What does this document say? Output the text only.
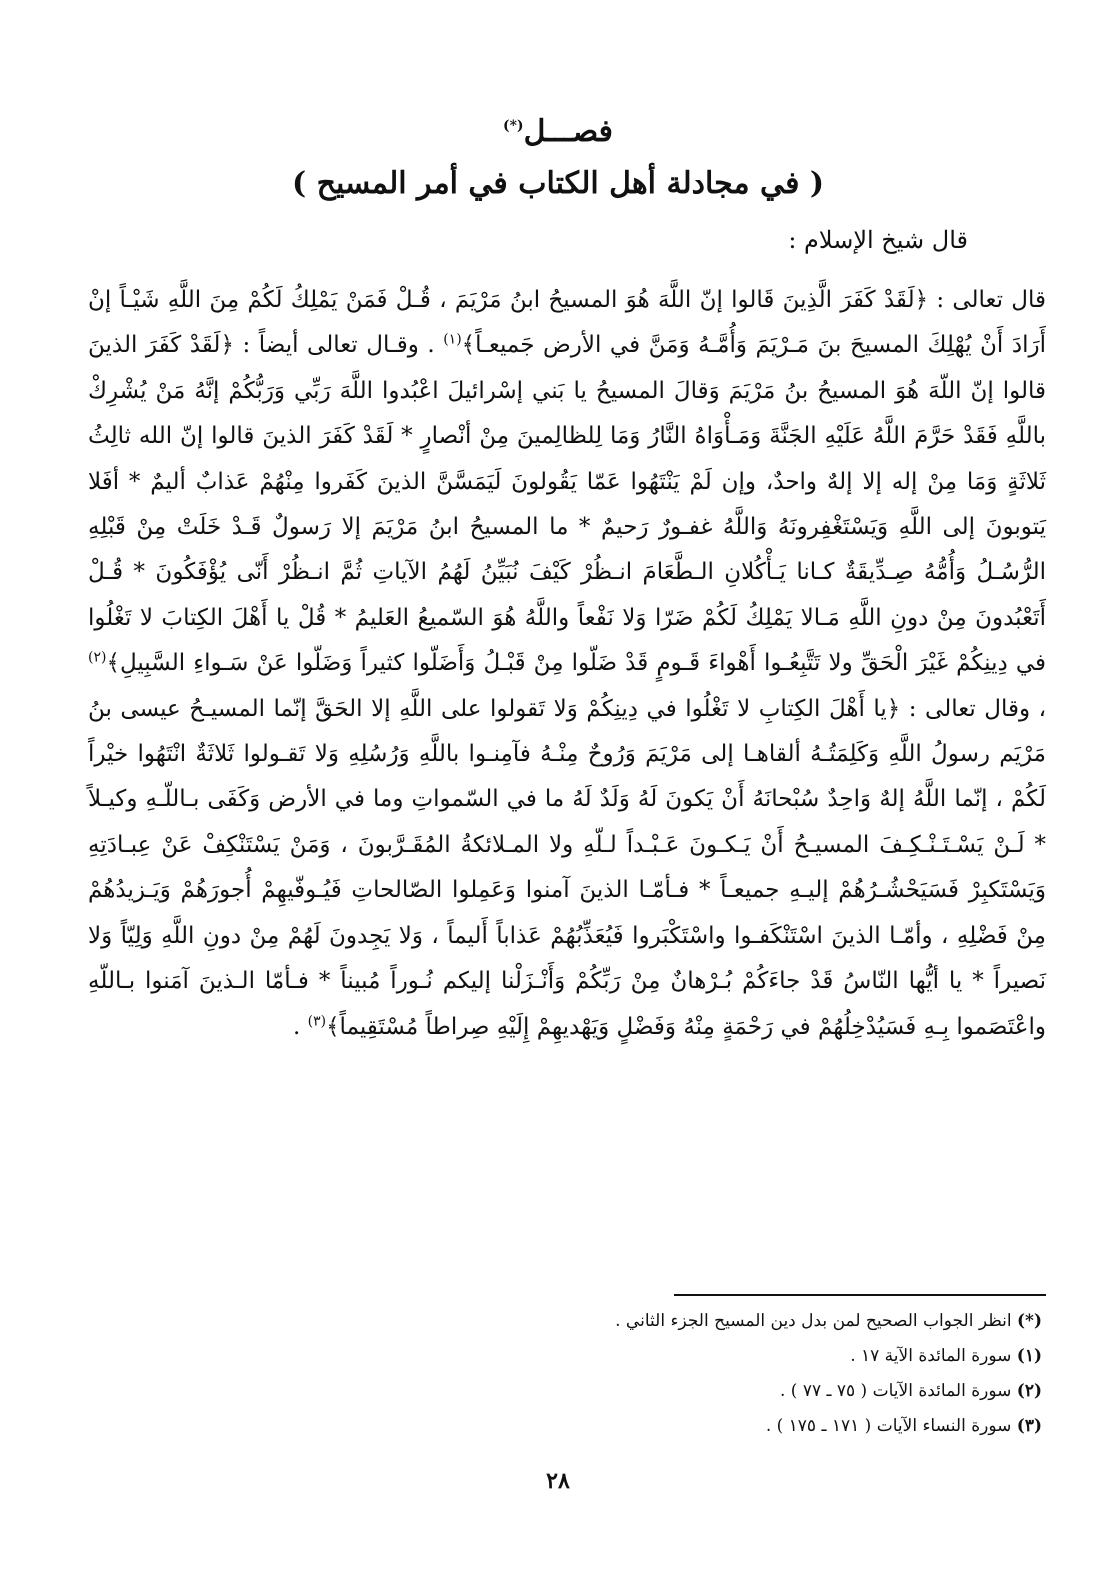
فصـــل(*)
( في مجادلة أهل الكتاب في أمر المسيح )
قال شيخ الإسلام :
قال تعالى : ﴿لَقَدْ كَفَرَ الَّذِينَ قَالوا إنّ اللَّهَ هُوَ المسيحُ ابنُ مَرْيَمَ ، قُـلْ فَمَنْ يَمْلِكُ لَكُمْ مِنَ اللَّهِ شَيْـاً إنْ أَرَادَ أَنْ يُهْلِكَ المسيحَ بنَ مَـرْيَمَ وَأُمَّـهُ وَمَنَّ في الأرض جَميعـاً﴾$^{(١)}$ . وقـال تعالى أيضاً : ﴿لَقَدْ كَفَرَ الذينَ قالوا إنّ اللّهَ هُوَ المسيحُ بنُ مَرْيَمَ وَقالَ المسيحُ يا بَني إسْرائيلَ اعْبُدوا اللَّهَ رَبِّي وَرَبُّكُمْ إنَّهُ مَنْ يُشْرِكْ باللَّهِ فَقَدْ حَرَّمَ اللَّهُ عَلَيْهِ الجَنَّةَ وَمَـأْوَاهُ النَّارُ وَمَا لِلظالِمينَ مِنْ أنْصارٍ * لَقَدْ كَفَرَ الذينَ قالوا إنّ الله ثالِثُ ثَلاثَةٍ وَمَا مِنْ إله إلا إلهٌ واحدٌ، وإن لَمْ يَنْتَهُوا عَمّا يَقُولونَ لَيَمَسَّنَّ الذينَ كَفَروا مِنْهُمْ عَذابٌ أليمٌ * أفَلا يَتوبونَ إلى اللَّهِ وَيَسْتَغْفِرونَهُ وَاللَّهُ غفـورٌ رَحيمٌ * ما المسيحُ ابنُ مَرْيَمَ إلا رَسولٌ قَـدْ خَلَتْ مِنْ قَبْلِهِ الرُّسُـلُ وَأُمُّهُ صِـدِّيقَةٌ كـانا يَـأْكُلانِ الـطَّعَامَ انـظُرْ كَيْفَ نُبَيِّنُ لَهُمُ الآياتِ ثُمَّ انـظُرْ أَنّى يُؤْفَكُونَ * قُـلْ أَتَعْبُدونَ مِنْ دونِ اللَّهِ مَـالا يَمْلِكُ لَكُمْ ضَرّا وَلا نَفْعاً واللَّهُ هُوَ السّميعُ العَليمُ * قُلْ يا أَهْلَ الكِتابَ لا تَغْلُوا في دِينِكُمْ غَيْرَ الْحَقِّ ولا تَتَّبِعُـوا أَهْواءَ قَـومٍ قَدْ ضَلّوا مِنْ قَبْـلُ وَأَضَلّوا كثيراً وَضَلّوا عَنْ سَـواءِ السَّبِيلِ﴾$^{(٢)}$ ، وقال تعالى : ﴿يا أَهْلَ الكِتابِ لا تَغْلُوا في دِينِكُمْ وَلا تَقولوا على اللَّهِ إلا الحَقَّ إنّما المسيـحُ عيسى بنُ مَرْيَم رسولُ اللَّهِ وَكَلِمَتُـهُ ألقاهـا إلى مَرْيَمَ وَرُوحٌ مِنْـهُ فآمِنـوا باللَّهِ وَرُسُلِهِ وَلا تَقـولوا ثَلاثَةٌ انْتَهُوا خيْراً لَكُمْ ، إنّما اللَّهُ إلهٌ وَاحِدٌ سُبْحانَهُ أَنْ يَكونَ لَهُ وَلَدٌ لَهُ ما في السّمواتِ وما في الأرض وَكَفَى بـاللّـهِ وكيـلاً * لَـنْ يَسْـتَـنْـكِـفَ المسيـحُ أَنْ يَـكـونَ عَـبْـداً لـلّهِ ولا المـلائكةُ المُقَـرَّبونَ ، وَمَنْ يَسْتَنْكِفْ عَنْ عِبـادَتِهِ وَيَسْتَكبِرْ فَسَيَحْشُـرُهُمْ إليـهِ جميعـاً * فـأمّـا الذينَ آمنوا وَعَمِلوا الصّالحاتِ فَيُـوفّيهِمْ أُجورَهُمْ وَيَـزيدُهُمْ مِنْ فَضْلِهِ ، وأمّـا الذينَ اسْتَنْكَفـوا واسْتَكْبَروا فَيُعَذِّبُهُمْ عَذاباً أَليماً ، وَلا يَجِدونَ لَهُمْ مِنْ دونِ اللَّهِ وَلِيّاً وَلا نَصيراً * يا أيُّها النّاسُ قَدْ جاءَكُمْ بُـرْهانٌ مِنْ رَبِّكُمْ وَأَنْـزَلْنا إليكم نُـوراً مُبيناً * فـأمّا الـذينَ آمَنوا بـاللّهِ واعْتَصَموا بِـهِ فَسَيُدْخِلُهُمْ في رَحْمَةٍ مِنْهُ وَفَضْلٍ وَيَهْديهِمْ إِلَيْهِ صِراطاً مُسْتَقِيماً﴾$^{(٣)}$ .
(*) انظر الجواب الصحيح لمن بدل دين المسيح الجزء الثاني .
(١) سورة المائدة الآية ١٧ .
(٢) سورة المائدة الآيات ( ٧٥ ـ ٧٧ ) .
(٣) سورة النساء الآيات ( ١٧١ ـ ١٧٥ ) .
٢٨
